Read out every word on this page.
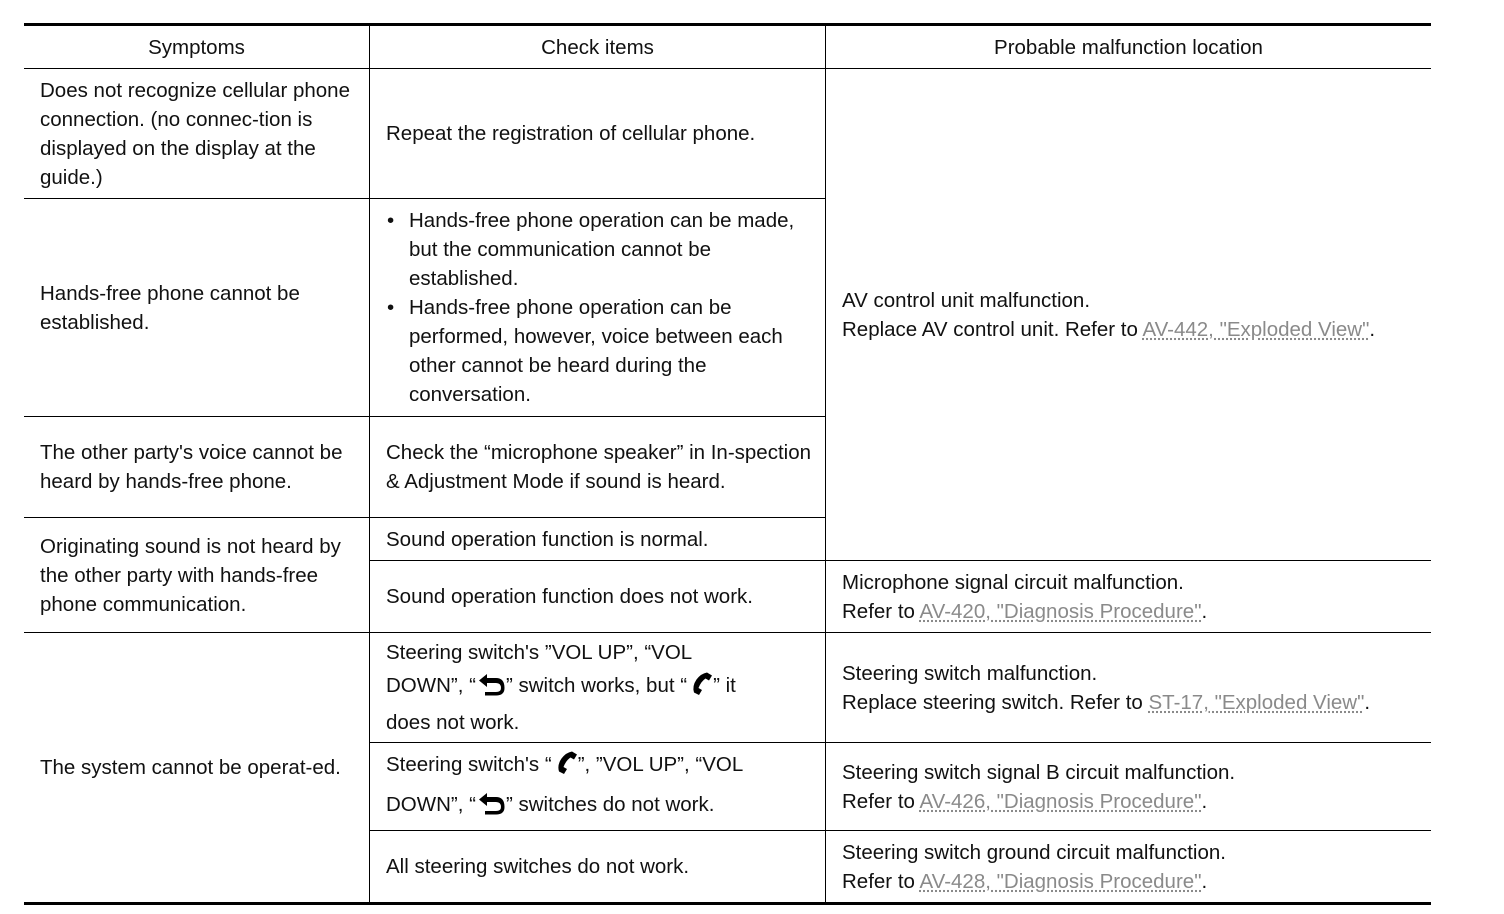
Symptoms	Check items	Probable malfunction location
Does not recognize cellular phone connection. (no connec-tion is displayed on the display at the guide.)
Hands-free phone cannot be established.
The other party's voice cannot be heard by hands-free phone.
Originating sound is not heard by the other party with hands-free phone communication.
The system cannot be operat-ed.
Repeat the registration of cellular phone.
• Hands-free phone operation can be made, but the communication cannot be established.
• Hands-free phone operation can be performed, however, voice between each other cannot be heard during the conversation.
Check the “microphone speaker” in In-spection & Adjustment Mode if sound is heard.
Sound operation function is normal.
Sound operation function does not work.
Steering switch's ”VOL UP”, “VOL
DOWN”, “ ” switch works, but “ ” it
does not work.
Steering switch's “ ”, ”VOL UP”, “VOL
DOWN”, “ ” switches do not work.
All steering switches do not work.
AV control unit malfunction.
Replace AV control unit. Refer to AV-442, "Exploded View".
Microphone signal circuit malfunction.
Refer to AV-420, "Diagnosis Procedure".
Steering switch malfunction.
Replace steering switch. Refer to ST-17, "Exploded View".
Steering switch signal B circuit malfunction.
Refer to AV-426, "Diagnosis Procedure".
Steering switch ground circuit malfunction.
Refer to AV-428, "Diagnosis Procedure".
